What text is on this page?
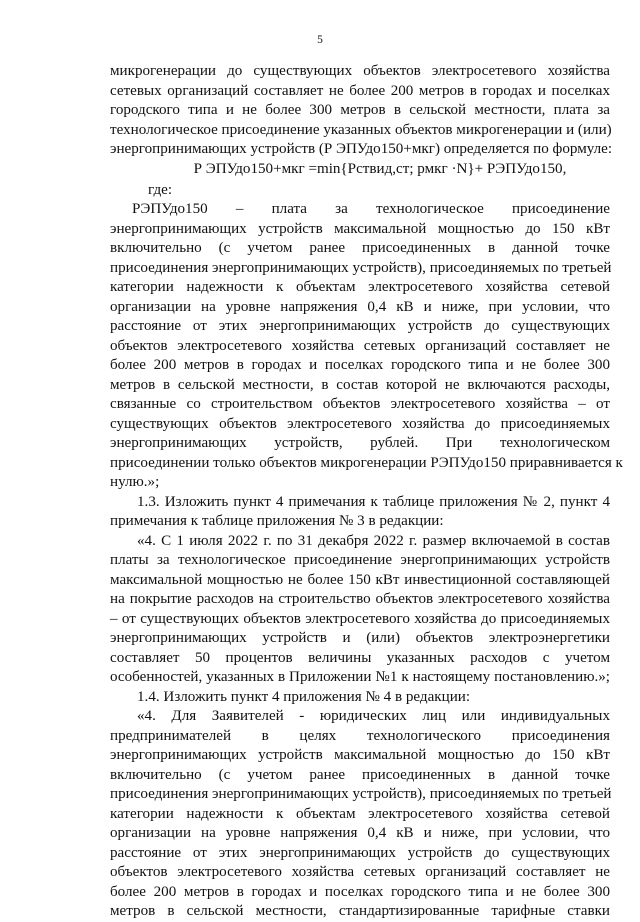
5
микрогенерации до существующих объектов электросетевого хозяйства
сетевых организаций составляет не более 200 метров в городах и поселках
городского типа и не более 300 метров в сельской местности, плата за
технологическое присоединение указанных объектов микрогенерации и (или)
энергопринимающих устройств (Р ЭПУдо150+мкг) определяется по формуле:
Р ЭПУдо150+мкг =min{Рствид,ст; рмкг ·N}+ РЭПУдо150,
где:
РЭПУдо150 – плата за технологическое присоединение
энергопринимающих устройств максимальной мощностью до 150 кВт
включительно (с учетом ранее присоединенных в данной точке
присоединения энергопринимающих устройств), присоединяемых по третьей
категории надежности к объектам электросетевого хозяйства сетевой
организации на уровне напряжения 0,4 кВ и ниже, при условии, что
расстояние от этих энергопринимающих устройств до существующих
объектов электросетевого хозяйства сетевых организаций составляет не
более 200 метров в городах и поселках городского типа и не более 300
метров в сельской местности, в состав которой не включаются расходы,
связанные со строительством объектов электросетевого хозяйства – от
существующих объектов электросетевого хозяйства до присоединяемых
энергопринимающих устройств, рублей. При технологическом
присоединении только объектов микрогенерации РЭПУдо150 приравнивается к
нулю.»;
1.3. Изложить пункт 4 примечания к таблице приложения № 2, пункт 4
примечания к таблице приложения № 3 в редакции:
«4. С 1 июля 2022 г. по 31 декабря 2022 г. размер включаемой в состав
платы за технологическое присоединение энергопринимающих устройств
максимальной мощностью не более 150 кВт инвестиционной составляющей
на покрытие расходов на строительство объектов электросетевого хозяйства
– от существующих объектов электросетевого хозяйства до присоединяемых
энергопринимающих устройств и (или) объектов электроэнергетики
составляет 50 процентов величины указанных расходов с учетом
особенностей, указанных в Приложении №1 к настоящему постановлению.»;
1.4. Изложить пункт 4 приложения № 4 в редакции:
«4. Для Заявителей - юридических лиц или индивидуальных
предпринимателей в целях технологического присоединения
энергопринимающих устройств максимальной мощностью до 150 кВт
включительно (с учетом ранее присоединенных в данной точке
присоединения энергопринимающих устройств), присоединяемых по третьей
категории надежности к объектам электросетевого хозяйства сетевой
организации на уровне напряжения 0,4 кВ и ниже, при условии, что
расстояние от этих энергопринимающих устройств до существующих
объектов электросетевого хозяйства сетевых организаций составляет не
более 200 метров в городах и поселках городского типа и не более 300
метров в сельской местности, стандартизированные тарифные ставки
